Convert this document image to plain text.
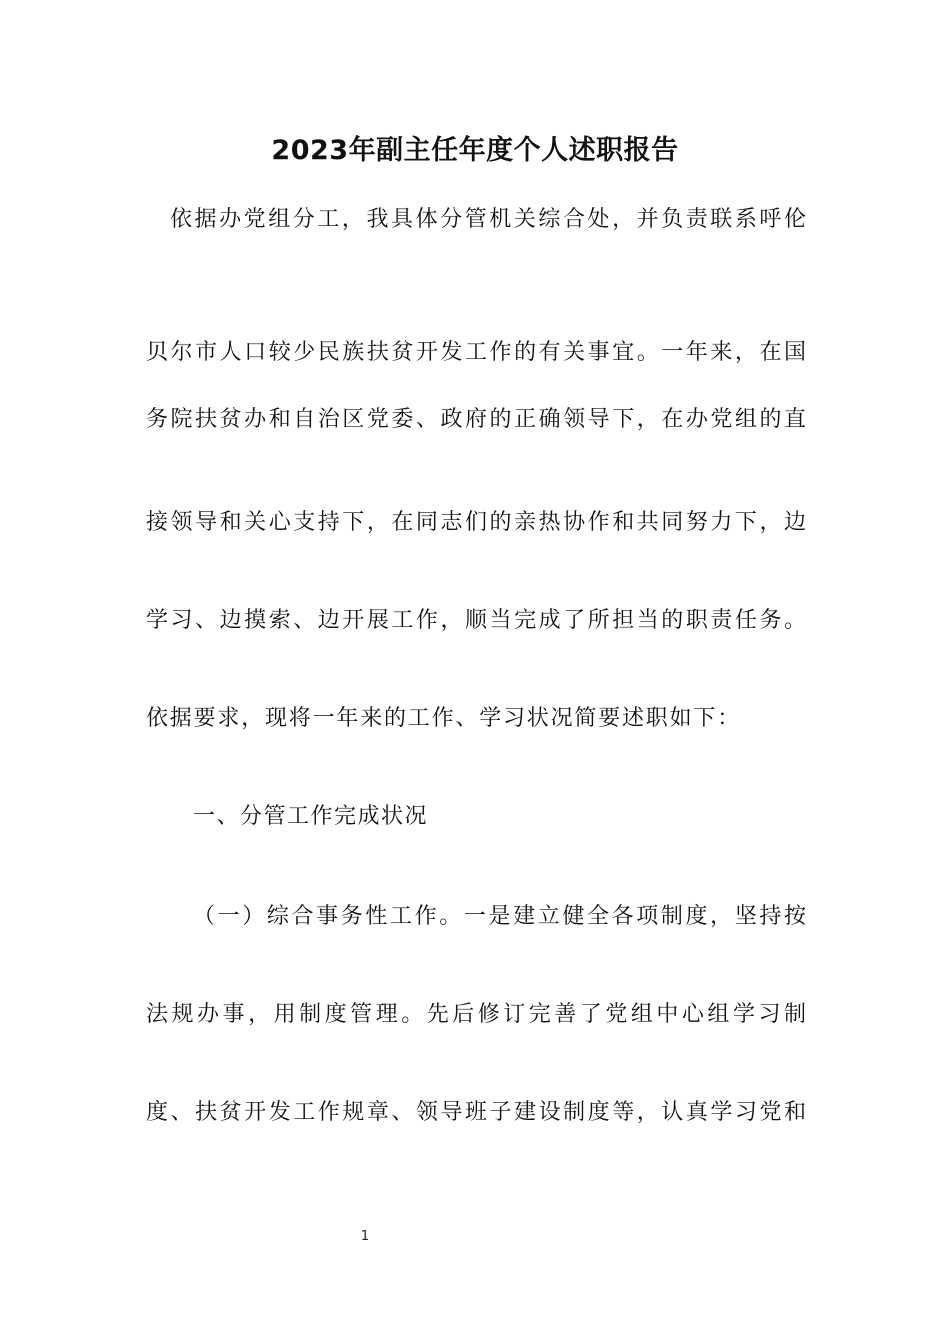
2023年副主任年度个人述职报告
依据办党组分工，我具体分管机关综合处，并负责联系呼伦
贝尔市人口较少民族扶贫开发工作的有关事宜。一年来，在国
务院扶贫办和自治区党委、政府的正确领导下，在办党组的直
接领导和关心支持下，在同志们的亲热协作和共同努力下，边
学习、边摸索、边开展工作，顺当完成了所担当的职责任务。
依据要求，现将一年来的工作、学习状况简要述职如下：
一、分管工作完成状况
（一）综合事务性工作。一是建立健全各项制度，坚持按
法规办事，用制度管理。先后修订完善了党组中心组学习制
度、扶贫开发工作规章、领导班子建设制度等，认真学习党和
1
